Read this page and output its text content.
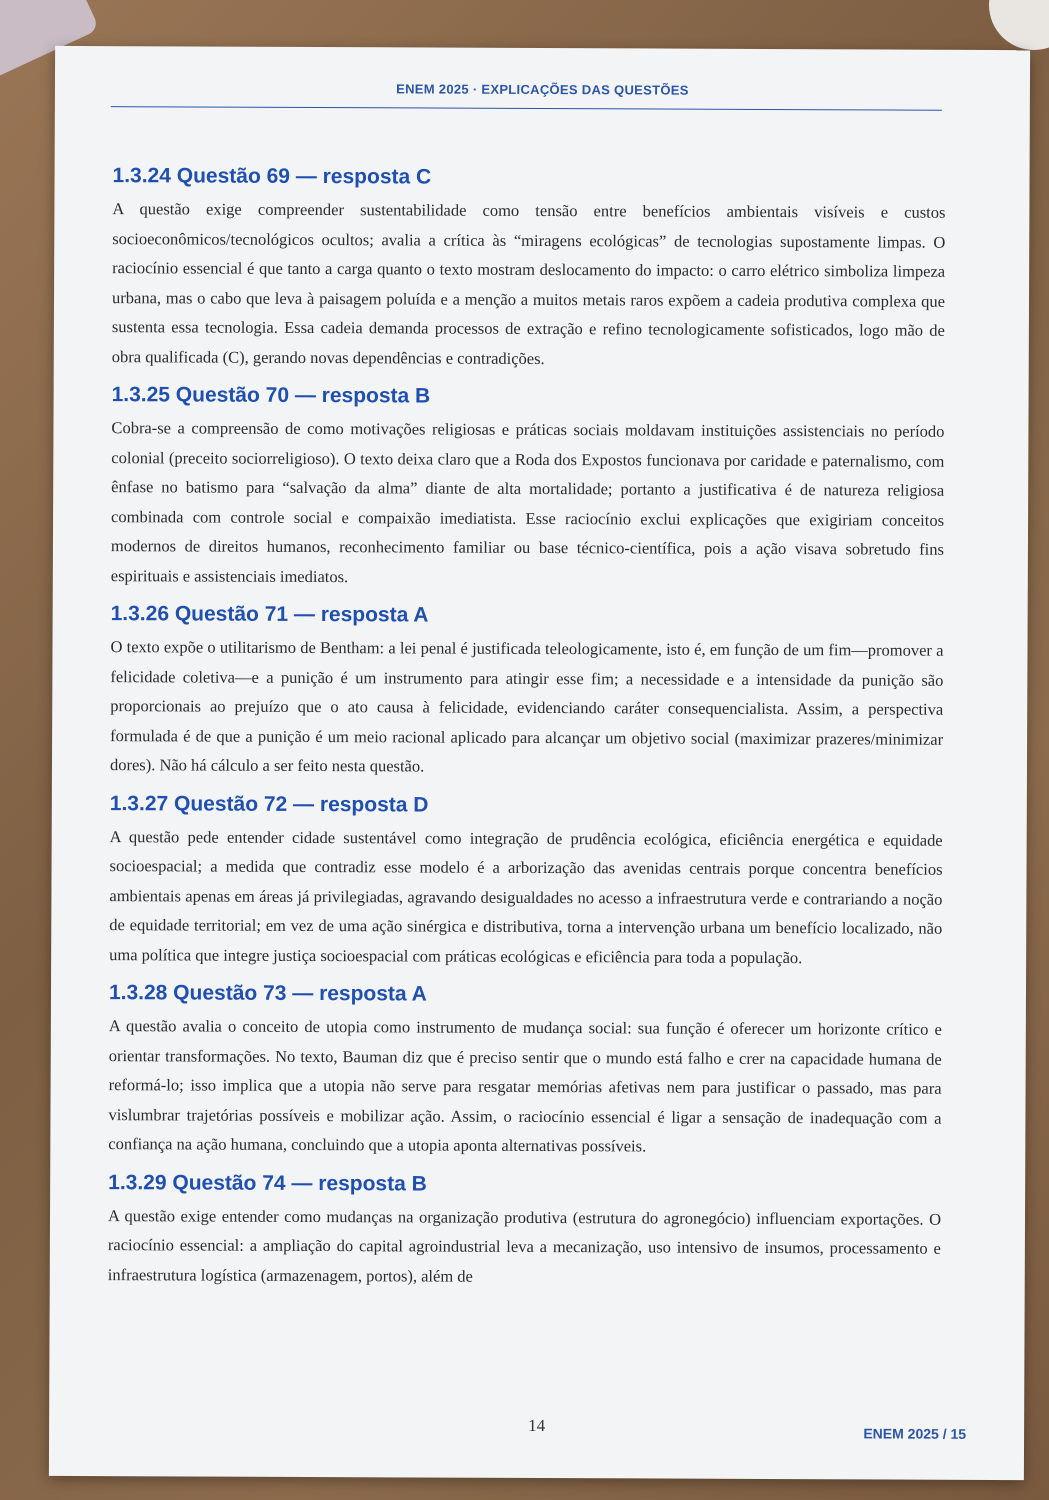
ENEM 2025 · EXPLICAÇÕES DAS QUESTÕES
1.3.24 Questão 69 — resposta C

A questão exige compreender sustentabilidade como tensão entre benefícios ambientais visíveis e custos socioeconômicos/tecnológicos ocultos; avalia a crítica às “miragens ecológicas” de tecnologias supostamente limpas. O raciocínio essencial é que tanto a carga quanto o texto mostram deslocamento do impacto: o carro elétrico simboliza limpeza urbana, mas o cabo que leva à paisagem poluída e a menção a muitos metais raros expõem a cadeia produtiva complexa que sustenta essa tecnologia. Essa cadeia demanda processos de extração e refino tecnologicamente sofisticados, logo mão de obra qualificada (C), gerando novas dependências e contradições.

1.3.25 Questão 70 — resposta B

Cobra-se a compreensão de como motivações religiosas e práticas sociais moldavam instituições assistenciais no período colonial (preceito sociorreligioso). O texto deixa claro que a Roda dos Expostos funcionava por caridade e paternalismo, com ênfase no batismo para “salvação da alma” diante de alta mortalidade; portanto a justificativa é de natureza religiosa combinada com controle social e compaixão imediatista. Esse raciocínio exclui explicações que exigiriam conceitos modernos de direitos humanos, reconhecimento familiar ou base técnico-científica, pois a ação visava sobretudo fins espirituais e assistenciais imediatos.

1.3.26 Questão 71 — resposta A

O texto expõe o utilitarismo de Bentham: a lei penal é justificada teleologicamente, isto é, em função de um fim—promover a felicidade coletiva—e a punição é um instrumento para atingir esse fim; a necessidade e a intensidade da punição são proporcionais ao prejuízo que o ato causa à felicidade, evidenciando caráter consequencialista. Assim, a perspectiva formulada é de que a punição é um meio racional aplicado para alcançar um objetivo social (maximizar prazeres/minimizar dores). Não há cálculo a ser feito nesta questão.

1.3.27 Questão 72 — resposta D

A questão pede entender cidade sustentável como integração de prudência ecológica, eficiência energética e equidade socioespacial; a medida que contradiz esse modelo é a arborização das avenidas centrais porque concentra benefícios ambientais apenas em áreas já privilegiadas, agravando desigualdades no acesso a infraestrutura verde e contrariando a noção de equidade territorial; em vez de uma ação sinérgica e distributiva, torna a intervenção urbana um benefício localizado, não uma política que integre justiça socioespacial com práticas ecológicas e eficiência para toda a população.

1.3.28 Questão 73 — resposta A

A questão avalia o conceito de utopia como instrumento de mudança social: sua função é oferecer um horizonte crítico e orientar transformações. No texto, Bauman diz que é preciso sentir que o mundo está falho e crer na capacidade humana de reformá-lo; isso implica que a utopia não serve para resgatar memórias afetivas nem para justificar o passado, mas para vislumbrar trajetórias possíveis e mobilizar ação. Assim, o raciocínio essencial é ligar a sensação de inadequação com a confiança na ação humana, concluindo que a utopia aponta alternativas possíveis.

1.3.29 Questão 74 — resposta B

A questão exige entender como mudanças na organização produtiva (estrutura do agronegócio) influenciam exportações. O raciocínio essencial: a ampliação do capital agroindustrial leva a mecanização, uso intensivo de insumos, processamento e infraestrutura logística (armazenagem, portos), além de

14	ENEM 2025 / 15
